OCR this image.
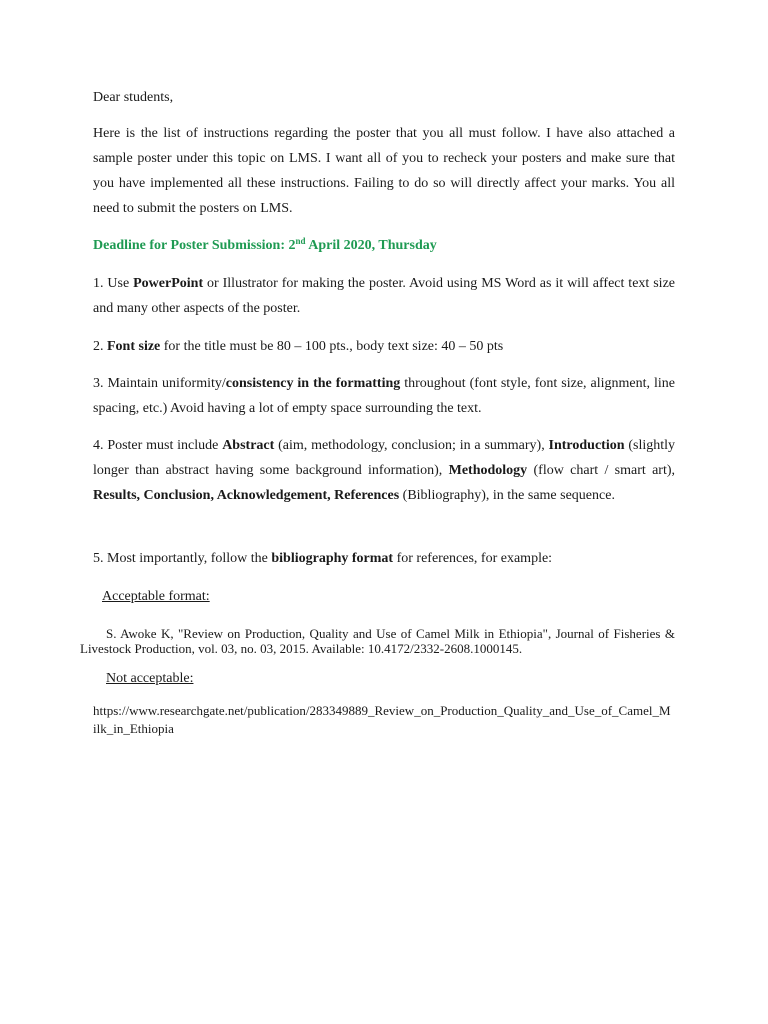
Dear students,
Here is the list of instructions regarding the poster that you all must follow. I have also attached a sample poster under this topic on LMS. I want all of you to recheck your posters and make sure that you have implemented all these instructions. Failing to do so will directly affect your marks. You all need to submit the posters on LMS.
Deadline for Poster Submission: 2nd April 2020, Thursday
1. Use PowerPoint or Illustrator for making the poster. Avoid using MS Word as it will affect text size and many other aspects of the poster.
2. Font size for the title must be 80 – 100 pts., body text size: 40 – 50 pts
3. Maintain uniformity/consistency in the formatting throughout (font style, font size, alignment, line spacing, etc.) Avoid having a lot of empty space surrounding the text.
4. Poster must include Abstract (aim, methodology, conclusion; in a summary), Introduction (slightly longer than abstract having some background information), Methodology (flow chart / smart art), Results, Conclusion, Acknowledgement, References (Bibliography), in the same sequence.
5. Most importantly, follow the bibliography format for references, for example:
Acceptable format:
S. Awoke K, "Review on Production, Quality and Use of Camel Milk in Ethiopia", Journal of Fisheries & Livestock Production, vol. 03, no. 03, 2015. Available: 10.4172/2332-2608.1000145.
Not acceptable:
https://www.researchgate.net/publication/283349889_Review_on_Production_Quality_and_Use_of_Camel_Milk_in_Ethiopia
